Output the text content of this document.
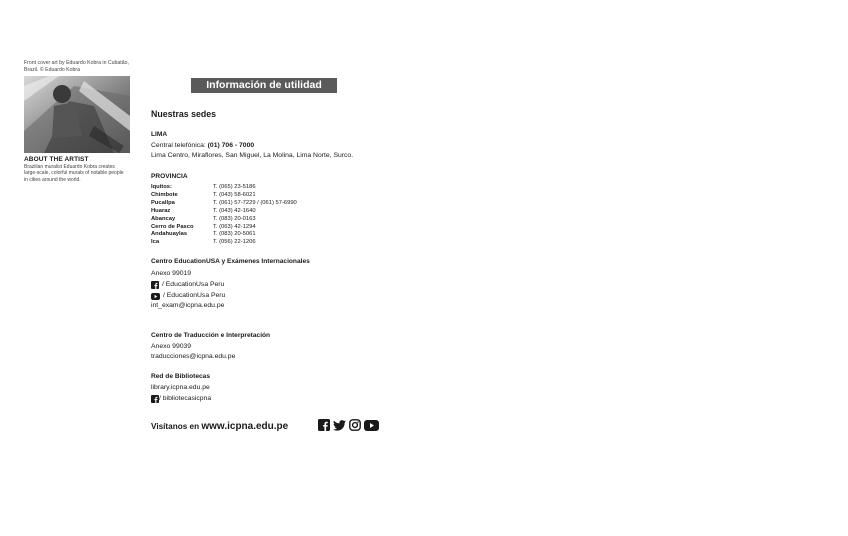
Front cover art by Eduardo Kobra in Cubatão, Brazil. © Eduardo Kobra
ABOUT THE ARTIST
Brazilian muralist Eduardo Kobra creates large-scale, colorful murals of notable people in cities around the world.
Información de utilidad
Nuestras sedes
LIMA
Central telefónica: (01) 706 - 7000
Lima Centro, Miraflores, San Miguel, La Molina, Lima Norte, Surco.
PROVINCIA
Iquitos:	T. (065) 23-5186
Chimbote	T. (043) 58-6021
Pucallpa	T. (061) 57-7229 / (061) 57-6990
Huaraz	T. (043) 42-1640
Abancay	T. (083) 20-0163
Cerro de Pasco	T. (063) 42-1294
Andahuaylas	T. (083) 20-5061
Ica	T. (056) 22-1206
Centro EducationUSA y Exámenes Internacionales
Anexo 99019
/ EducationUsa Peru
/ EducationUsa Peru
int_exam@icpna.edu.pe
Centro de Traducción e Interpretación
Anexo 99039
traducciones@icpna.edu.pe
Red de Bibliotecas
library.icpna.edu.pe
/ bibliotecasicpna
Visítanos en www.icpna.edu.pe
